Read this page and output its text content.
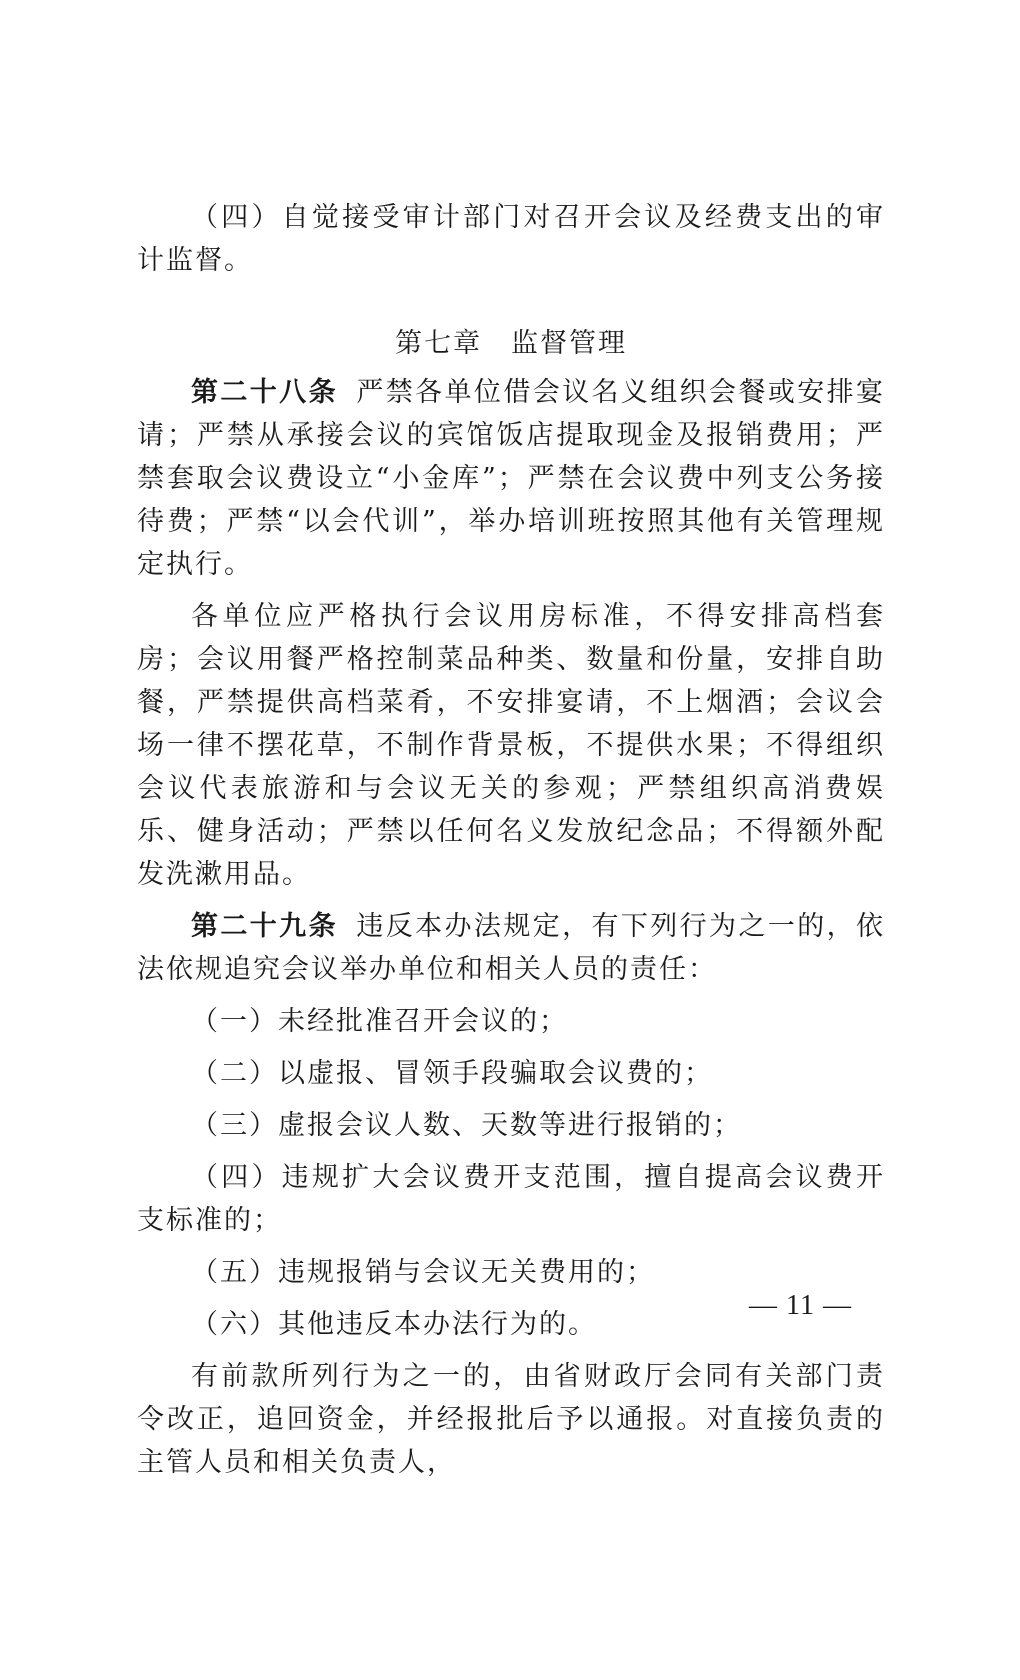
（四）自觉接受审计部门对召开会议及经费支出的审计监督。

第七章　监督管理

第二十八条 严禁各单位借会议名义组织会餐或安排宴请；严禁从承接会议的宾馆饭店提取现金及报销费用；严禁套取会议费设立“小金库”；严禁在会议费中列支公务接待费；严禁“以会代训”，举办培训班按照其他有关管理规定执行。

各单位应严格执行会议用房标准，不得安排高档套房；会议用餐严格控制菜品种类、数量和份量，安排自助餐，严禁提供高档菜肴，不安排宴请，不上烟酒；会议会场一律不摆花草，不制作背景板，不提供水果；不得组织会议代表旅游和与会议无关的参观；严禁组织高消费娱乐、健身活动；严禁以任何名义发放纪念品；不得额外配发洗漱用品。

第二十九条 违反本办法规定，有下列行为之一的，依法依规追究会议举办单位和相关人员的责任：

（一）未经批准召开会议的；

（二）以虚报、冒领手段骗取会议费的；

（三）虚报会议人数、天数等进行报销的；

（四）违规扩大会议费开支范围，擅自提高会议费开支标准的；

（五）违规报销与会议无关费用的；

（六）其他违反本办法行为的。

有前款所列行为之一的，由省财政厅会同有关部门责令改正，追回资金，并经报批后予以通报。对直接负责的主管人员和相关负责人，

— 11 —
